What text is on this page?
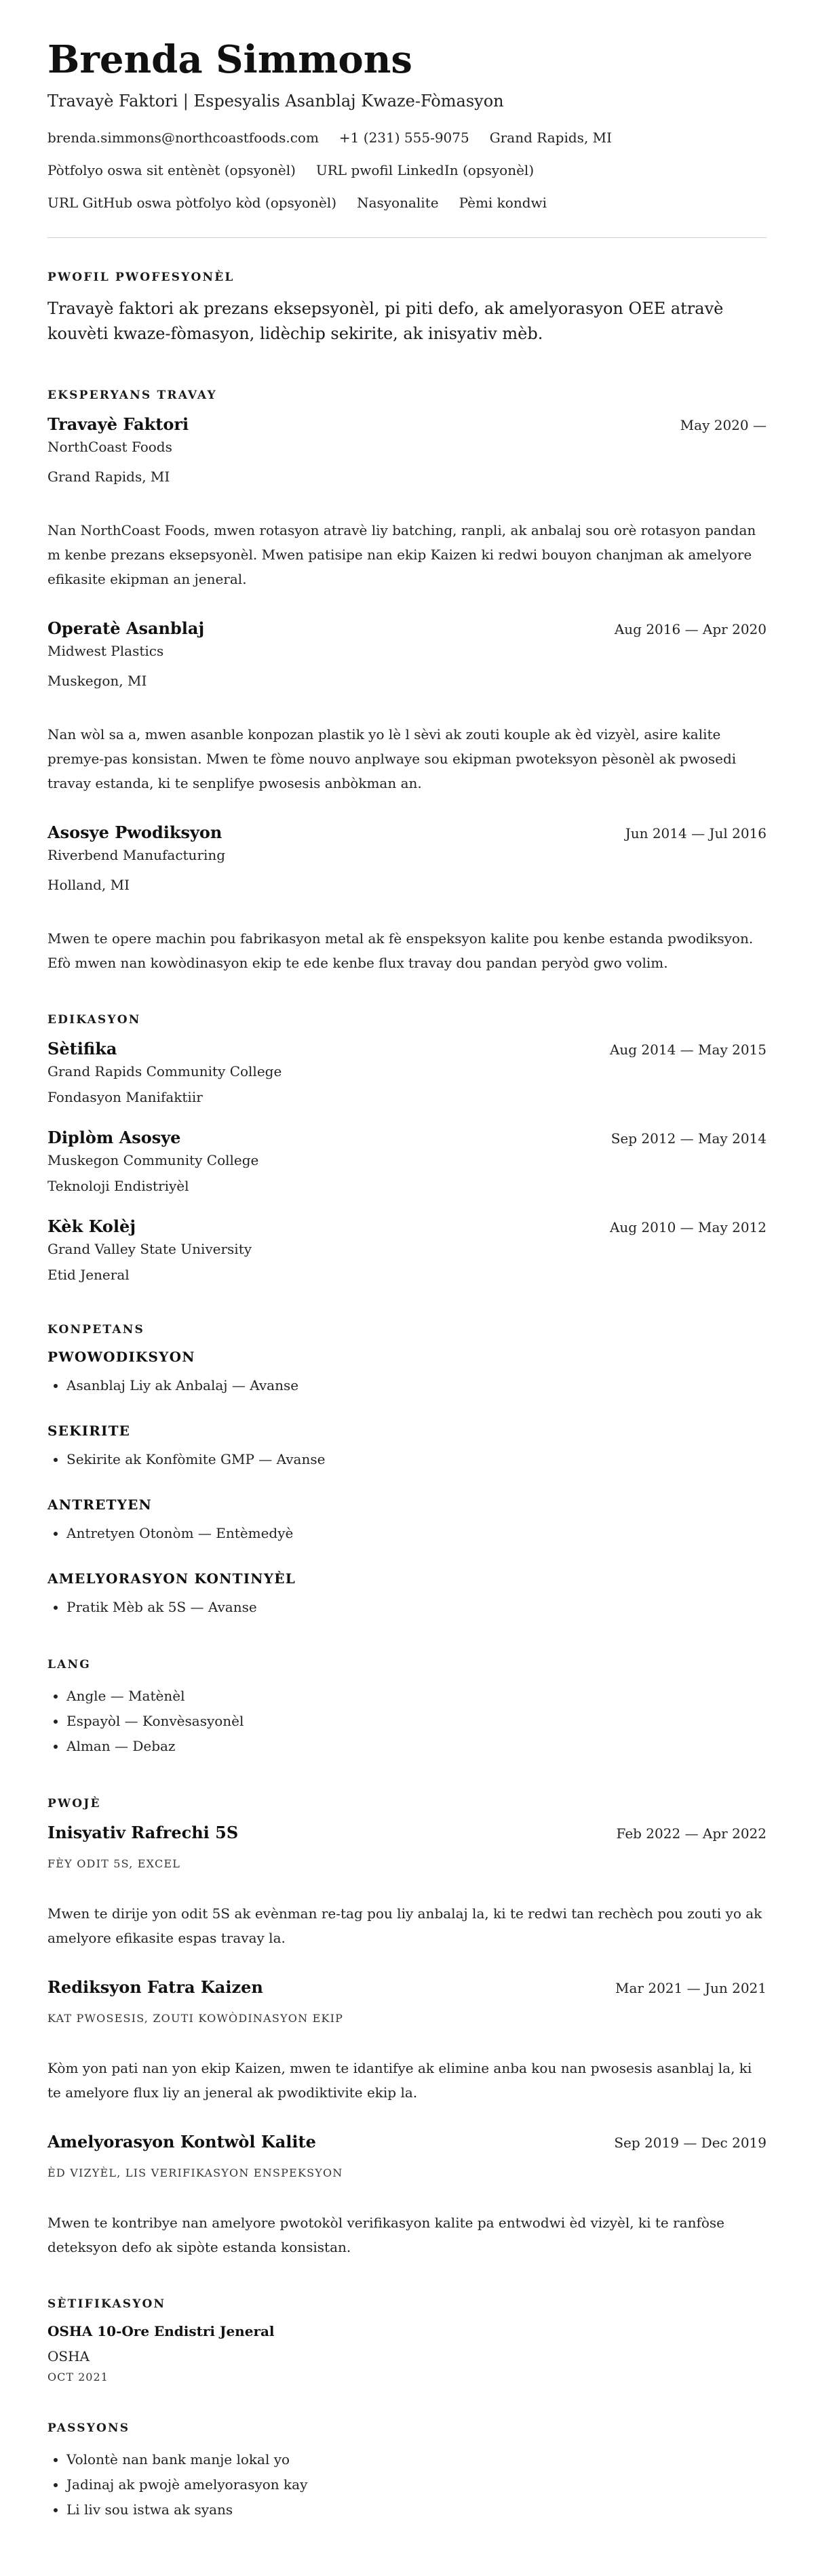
Brenda Simmons
Travayè Faktori | Espesyalis Asanblaj Kwaze-Fòmasyon
brenda.simmons@northcoastfoods.com +1 (231) 555-9075 Grand Rapids, MI
Pòtfolyo oswa sit entènèt (opsyonèl) URL pwofil LinkedIn (opsyonèl)
URL GitHub oswa pòtfolyo kòd (opsyonèl) Nasyonalite Pèmi kondwi
PWOFIL PWOFESYONÈL
Travayè faktori ak prezans eksepsyonèl, pi piti defo, ak amelyorasyon OEE atravè kouvèti kwaze-fòmasyon, lidèchip sekirite, ak inisyativ mèb.
EKSPERYANS TRAVAY
Travayè Faktori	May 2020 —
NorthCoast Foods
Grand Rapids, MI
Nan NorthCoast Foods, mwen rotasyon atravè liy batching, ranpli, ak anbalaj sou orè rotasyon pandan m kenbe prezans eksepsyonèl. Mwen patisipe nan ekip Kaizen ki redwi bouyon chanjman ak amelyore efikasite ekipman an jeneral.
Operatè Asanblaj	Aug 2016 — Apr 2020
Midwest Plastics
Muskegon, MI
Nan wòl sa a, mwen asanble konpozan plastik yo lè l sèvi ak zouti kouple ak èd vizyèl, asire kalite premye-pas konsistan. Mwen te fòme nouvo anplwaye sou ekipman pwoteksyon pèsonèl ak pwosedi travay estanda, ki te senplifye pwosesis anbòkman an.
Asosye Pwodiksyon	Jun 2014 — Jul 2016
Riverbend Manufacturing
Holland, MI
Mwen te opere machin pou fabrikasyon metal ak fè enspeksyon kalite pou kenbe estanda pwodiksyon. Efò mwen nan kowòdinasyon ekip te ede kenbe flux travay dou pandan peryòd gwo volim.
EDIKASYON
Sètifika	Aug 2014 — May 2015
Grand Rapids Community College
Fondasyon Manifaktiir
Diplòm Asosye	Sep 2012 — May 2014
Muskegon Community College
Teknoloji Endistriyèl
Kèk Kolèj	Aug 2010 — May 2012
Grand Valley State University
Etid Jeneral
KONPETANS
PWOWODIKSYON
• Asanblaj Liy ak Anbalaj — Avanse
SEKIRITE
• Sekirite ak Konfòmite GMP — Avanse
ANTRETYEN
• Antretyen Otonòm — Entèmedyè
AMELYORASYON KONTINYÈL
• Pratik Mèb ak 5S — Avanse
LANG
• Angle — Matènèl
• Espayòl — Konvèsasyonèl
• Alman — Debaz
PWOJÈ
Inisyativ Rafrechi 5S	Feb 2022 — Apr 2022
FÈY ODIT 5S, EXCEL
Mwen te dirije yon odit 5S ak evènman re-tag pou liy anbalaj la, ki te redwi tan rechèch pou zouti yo ak amelyore efikasite espas travay la.
Rediksyon Fatra Kaizen	Mar 2021 — Jun 2021
KAT PWOSESIS, ZOUTI KOWÒDINASYON EKIP
Kòm yon pati nan yon ekip Kaizen, mwen te idantifye ak elimine anba kou nan pwosesis asanblaj la, ki te amelyore flux liy an jeneral ak pwodiktivite ekip la.
Amelyorasyon Kontwòl Kalite	Sep 2019 — Dec 2019
ÈD VIZYÈL, LIS VERIFIKASYON ENSPEKSYON
Mwen te kontribye nan amelyore pwotokòl verifikasyon kalite pa entwodwi èd vizyèl, ki te ranfòse deteksyon defo ak sipòte estanda konsistan.
SÈTIFIKASYON
OSHA 10-Ore Endistri Jeneral
OSHA
OCT 2021
PASSYONS
• Volontè nan bank manje lokal yo
• Jadinaj ak pwojè amelyorasyon kay
• Li liv sou istwa ak syans
